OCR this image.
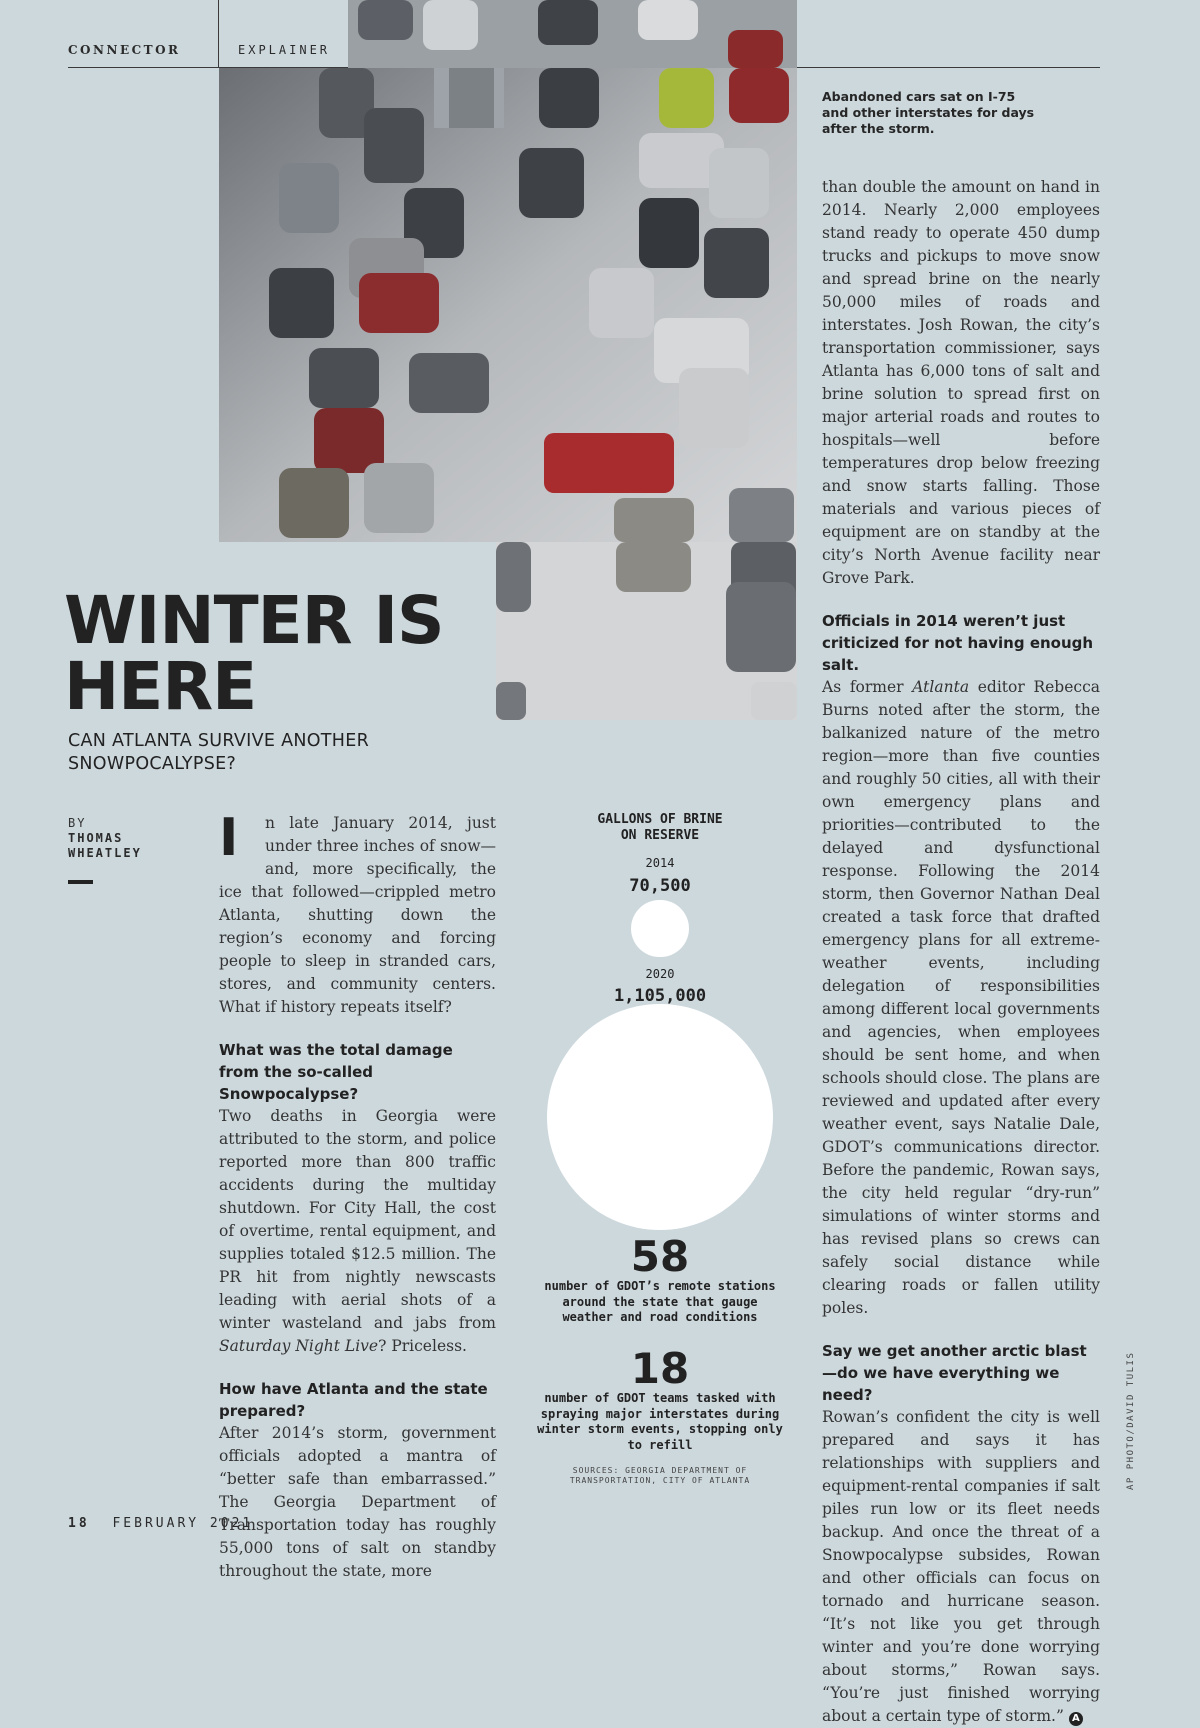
CONNECTOR	EXPLAINER
Abandoned cars sat on I-75 and other interstates for days after the storm.
WINTER IS
HERE
CAN ATLANTA SURVIVE ANOTHER SNOWPOCALYPSE?
BY
THOMAS
WHEATLEY I	n late January 2014, just under three inches of snow—and, more specifically, the ice that followed—crippled metro Atlanta, shutting down the region’s economy and forcing people to sleep in stranded cars, stores, and community centers. What if history repeats itself?

What was the total damage from the so-called Snowpocalypse?

Two deaths in Georgia were attributed to the storm, and police reported more than 800 traffic accidents during the multiday shutdown. For City Hall, the cost of overtime, rental equipment, and supplies totaled $12.5 million. The PR hit from nightly newscasts leading with aerial shots of a winter wasteland and jabs from Saturday Night Live? Priceless.

How have Atlanta and the state prepared?

After 2014’s storm, government officials adopted a mantra of “better safe than embarrassed.” The Georgia Department of Transportation today has roughly 55,000 tons of salt on standby throughout the state, more

GALLONS OF BRINE ON RESERVE
2014
70,500
2020
1,105,000
58
number of GDOT’s remote stations around the state that gauge weather and road conditions
18
number of GDOT teams tasked with spraying major interstates during winter storm events, stopping only to refill
SOURCES: GEORGIA DEPARTMENT OF TRANSPORTATION, CITY OF ATLANTA

than double the amount on hand in 2014. Nearly 2,000 employees stand ready to operate 450 dump trucks and pickups to move snow and spread brine on the nearly 50,000 miles of roads and interstates. Josh Rowan, the city’s transportation commissioner, says Atlanta has 6,000 tons of salt and brine solution to spread first on major arterial roads and routes to hospitals—well before temperatures drop below freezing and snow starts falling. Those materials and various pieces of equipment are on standby at the city’s North Avenue facility near Grove Park.

Officials in 2014 weren’t just criticized for not having enough salt.

As former Atlanta editor Rebecca Burns noted after the storm, the balkanized nature of the metro region—more than five counties and roughly 50 cities, all with their own emergency plans and priorities—contributed to the delayed and dysfunctional response. Following the 2014 storm, then Governor Nathan Deal created a task force that drafted emergency plans for all extreme-weather events, including delegation of responsibilities among different local governments and agencies, when employees should be sent home, and when schools should close. The plans are reviewed and updated after every weather event, says Natalie Dale, GDOT’s communications director. Before the pandemic, Rowan says, the city held regular “dry-run” simulations of winter storms and has revised plans so crews can safely social distance while clearing roads or fallen utility poles.

Say we get another arctic blast—do we have everything we need?

Rowan’s confident the city is well prepared and says it has relationships with suppliers and equipment-rental companies if salt piles run low or its fleet needs backup. And once the threat of a Snowpocalypse subsides, Rowan and other officials can focus on tornado and hurricane season. “It’s not like you get through winter and you’re done worrying about storms,” Rowan says. “You’re just finished worrying about a certain type of storm.” A

AP PHOTO/DAVID TULIS
18 FEBRUARY 2021
